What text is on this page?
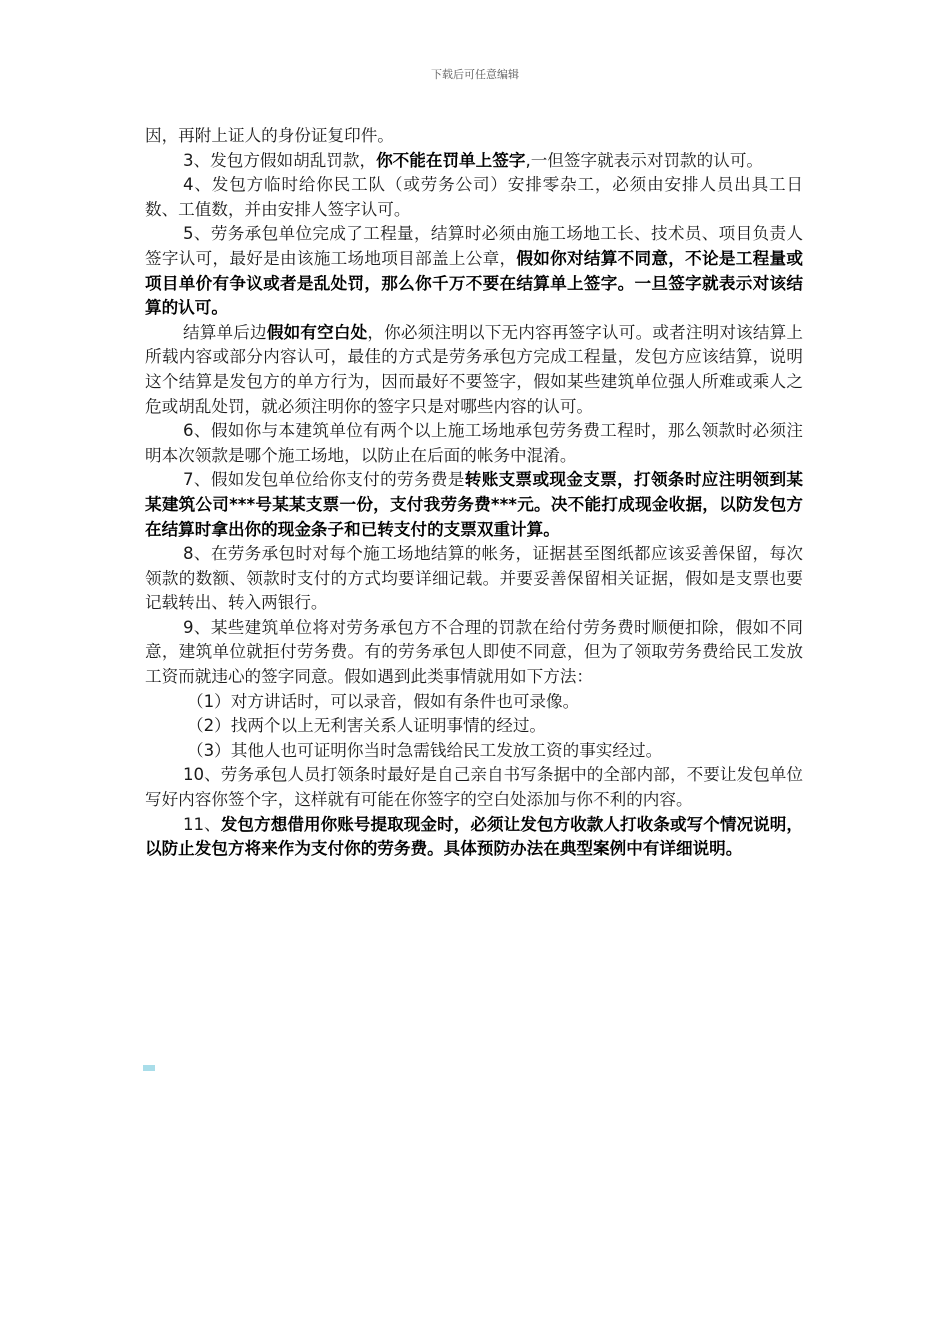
下载后可任意编辑

因，再附上证人的身份证复印件。

3、发包方假如胡乱罚款，你不能在罚单上签字,一但签字就表示对罚款的认可。

4、发包方临时给你民工队（或劳务公司）安排零杂工，必须由安排人员出具工日数、工值数，并由安排人签字认可。

5、劳务承包单位完成了工程量，结算时必须由施工场地工长、技术员、项目负责人签字认可，最好是由该施工场地项目部盖上公章，假如你对结算不同意，不论是工程量或项目单价有争议或者是乱处罚，那么你千万不要在结算单上签字。一旦签字就表示对该结算的认可。

结算单后边假如有空白处，你必须注明以下无内容再签字认可。或者注明对该结算上所载内容或部分内容认可，最佳的方式是劳务承包方完成工程量，发包方应该结算，说明这个结算是发包方的单方行为，因而最好不要签字，假如某些建筑单位强人所难或乘人之危或胡乱处罚，就必须注明你的签字只是对哪些内容的认可。

6、假如你与本建筑单位有两个以上施工场地承包劳务费工程时，那么领款时必须注明本次领款是哪个施工场地，以防止在后面的帐务中混淆。

7、假如发包单位给你支付的劳务费是转账支票或现金支票，打领条时应注明领到某某建筑公司***号某某支票一份，支付我劳务费***元。决不能打成现金收据，以防发包方在结算时拿出你的现金条子和已转支付的支票双重计算。

8、在劳务承包时对每个施工场地结算的帐务，证据甚至图纸都应该妥善保留，每次领款的数额、领款时支付的方式均要详细记载。并要妥善保留相关证据，假如是支票也要记载转出、转入两银行。

9、某些建筑单位将对劳务承包方不合理的罚款在给付劳务费时顺便扣除，假如不同意，建筑单位就拒付劳务费。有的劳务承包人即使不同意，但为了领取劳务费给民工发放工资而就违心的签字同意。假如遇到此类事情就用如下方法：

（1）对方讲话时，可以录音，假如有条件也可录像。

（2）找两个以上无利害关系人证明事情的经过。

（3）其他人也可证明你当时急需钱给民工发放工资的事实经过。

10、劳务承包人员打领条时最好是自己亲自书写条据中的全部内部，不要让发包单位写好内容你签个字，这样就有可能在你签字的空白处添加与你不利的内容。

11、发包方想借用你账号提取现金时，必须让发包方收款人打收条或写个情况说明，以防止发包方将来作为支付你的劳务费。具体预防办法在典型案例中有详细说明。
